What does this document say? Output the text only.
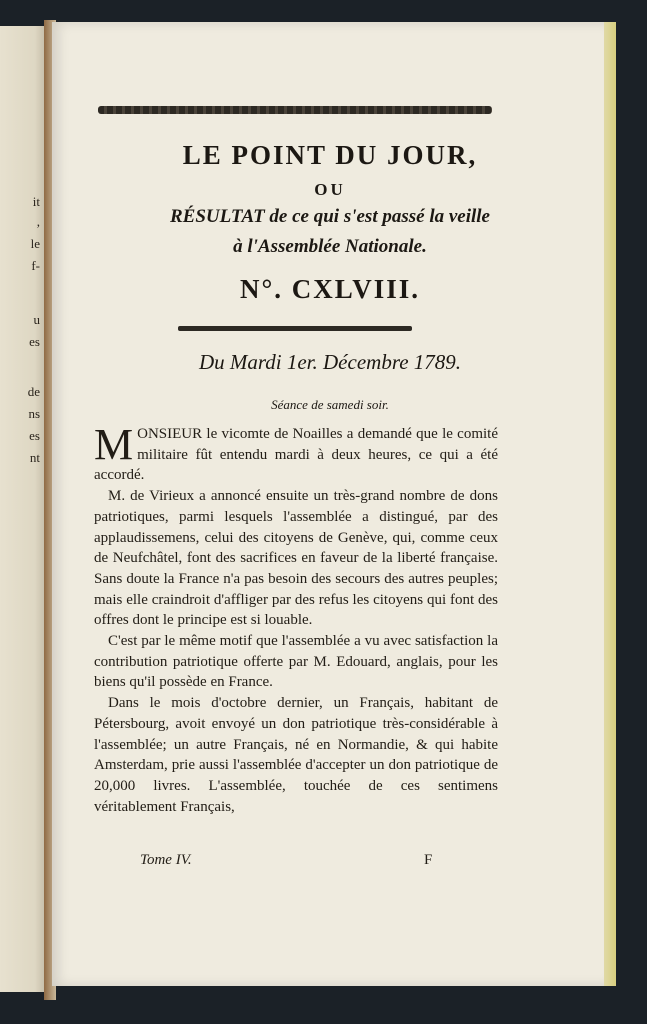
it
,
le
f-
u
es
de
ns
es
nt
LE POINT DU JOUR,
OU
RÉSULTAT de ce qui s'est passé la veille
à l'Assemblée Nationale.
N°. CXLVIII.
Du Mardi 1er. Décembre 1789.
Séance de samedi soir.

MONSIEUR le vicomte de Noailles a demandé que le comité militaire fût entendu mardi à deux heures, ce qui a été accordé.

M. de Virieux a annoncé ensuite un très-grand nombre de dons patriotiques, parmi lesquels l'assemblée a distingué, par des applaudissemens, celui des citoyens de Genève, qui, comme ceux de Neufchâtel, font des sacrifices en faveur de la liberté française. Sans doute la France n'a pas besoin des secours des autres peuples; mais elle craindroit d'affliger par des refus les citoyens qui font des offres dont le principe est si louable.

C'est par le même motif que l'assemblée a vu avec satisfaction la contribution patriotique offerte par M. Edouard, anglais, pour les biens qu'il possède en France.

Dans le mois d'octobre dernier, un Français, habitant de Pétersbourg, avoit envoyé un don patriotique très-considérable à l'assemblée; un autre Français, né en Normandie, & qui habite Amsterdam, prie aussi l'assemblée d'accepter un don patriotique de 20,000 livres. L'assemblée, touchée de ces sentimens véritablement Français,

Tome IV.	F
